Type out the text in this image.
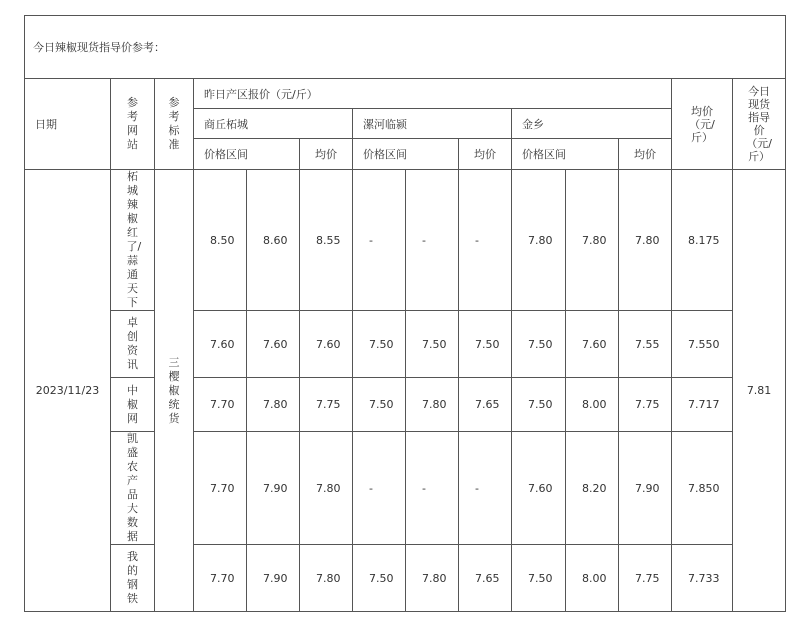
今日辣椒现货指导价参考：													
日期	参考网站	参考标准	昨日产区报价（元/斤）									均价（元/斤）	今日现货指导价（元/斤）
			商丘柘城			漯河临颍			金乡				
			价格区间		均价	价格区间		均价	价格区间		均价		
2023/11/23	柘城辣椒红了/蒜通天下	三樱椒统货	8.50	8.60	8.55	-	-	-	7.80	7.80	7.80	8.175	7.81
	卓创资讯		7.60	7.60	7.60	7.50	7.50	7.50	7.50	7.60	7.55	7.550	
	中椒网		7.70	7.80	7.75	7.50	7.80	7.65	7.50	8.00	7.75	7.717	
	凯盛农产品大数据		7.70	7.90	7.80	-	-	-	7.60	8.20	7.90	7.850	
	我的钢铁		7.70	7.90	7.80	7.50	7.80	7.65	7.50	8.00	7.75	7.733	
